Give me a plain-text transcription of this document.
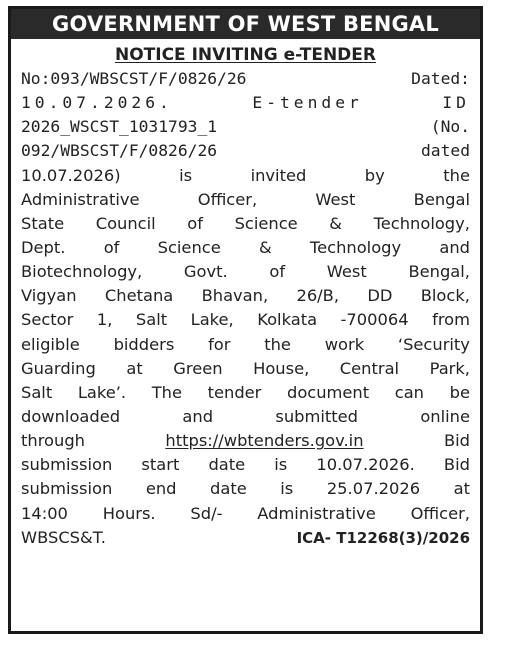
GOVERNMENT OF WEST BENGAL
NOTICE INVITING e-TENDER
No:093/WBSCST/F/0826/26	Dated:
10.07.2026.	E-tender	ID
2026_WSCST_1031793_1	(No.
092/WBSCST/F/0826/26	dated
10.07.2026)	is	invited	by	the
Administrative	Officer,	West	Bengal
State Council of Science & Technology,
Dept. of Science & Technology and
Biotechnology,	Govt.	of	West	Bengal,
Vigyan Chetana Bhavan, 26/B, DD Block,
Sector 1, Salt Lake, Kolkata -700064 from
eligible bidders for the work ‘Security
Guarding at Green House, Central Park,
Salt Lake’. The tender document can be
downloaded	and	submitted	online
through	https://wbtenders.gov.in	Bid
submission start date is 10.07.2026. Bid
submission end date is 25.07.2026 at
14:00 Hours. Sd/- Administrative Officer,
WBSCS&T.	ICA- T12268(3)/2026
